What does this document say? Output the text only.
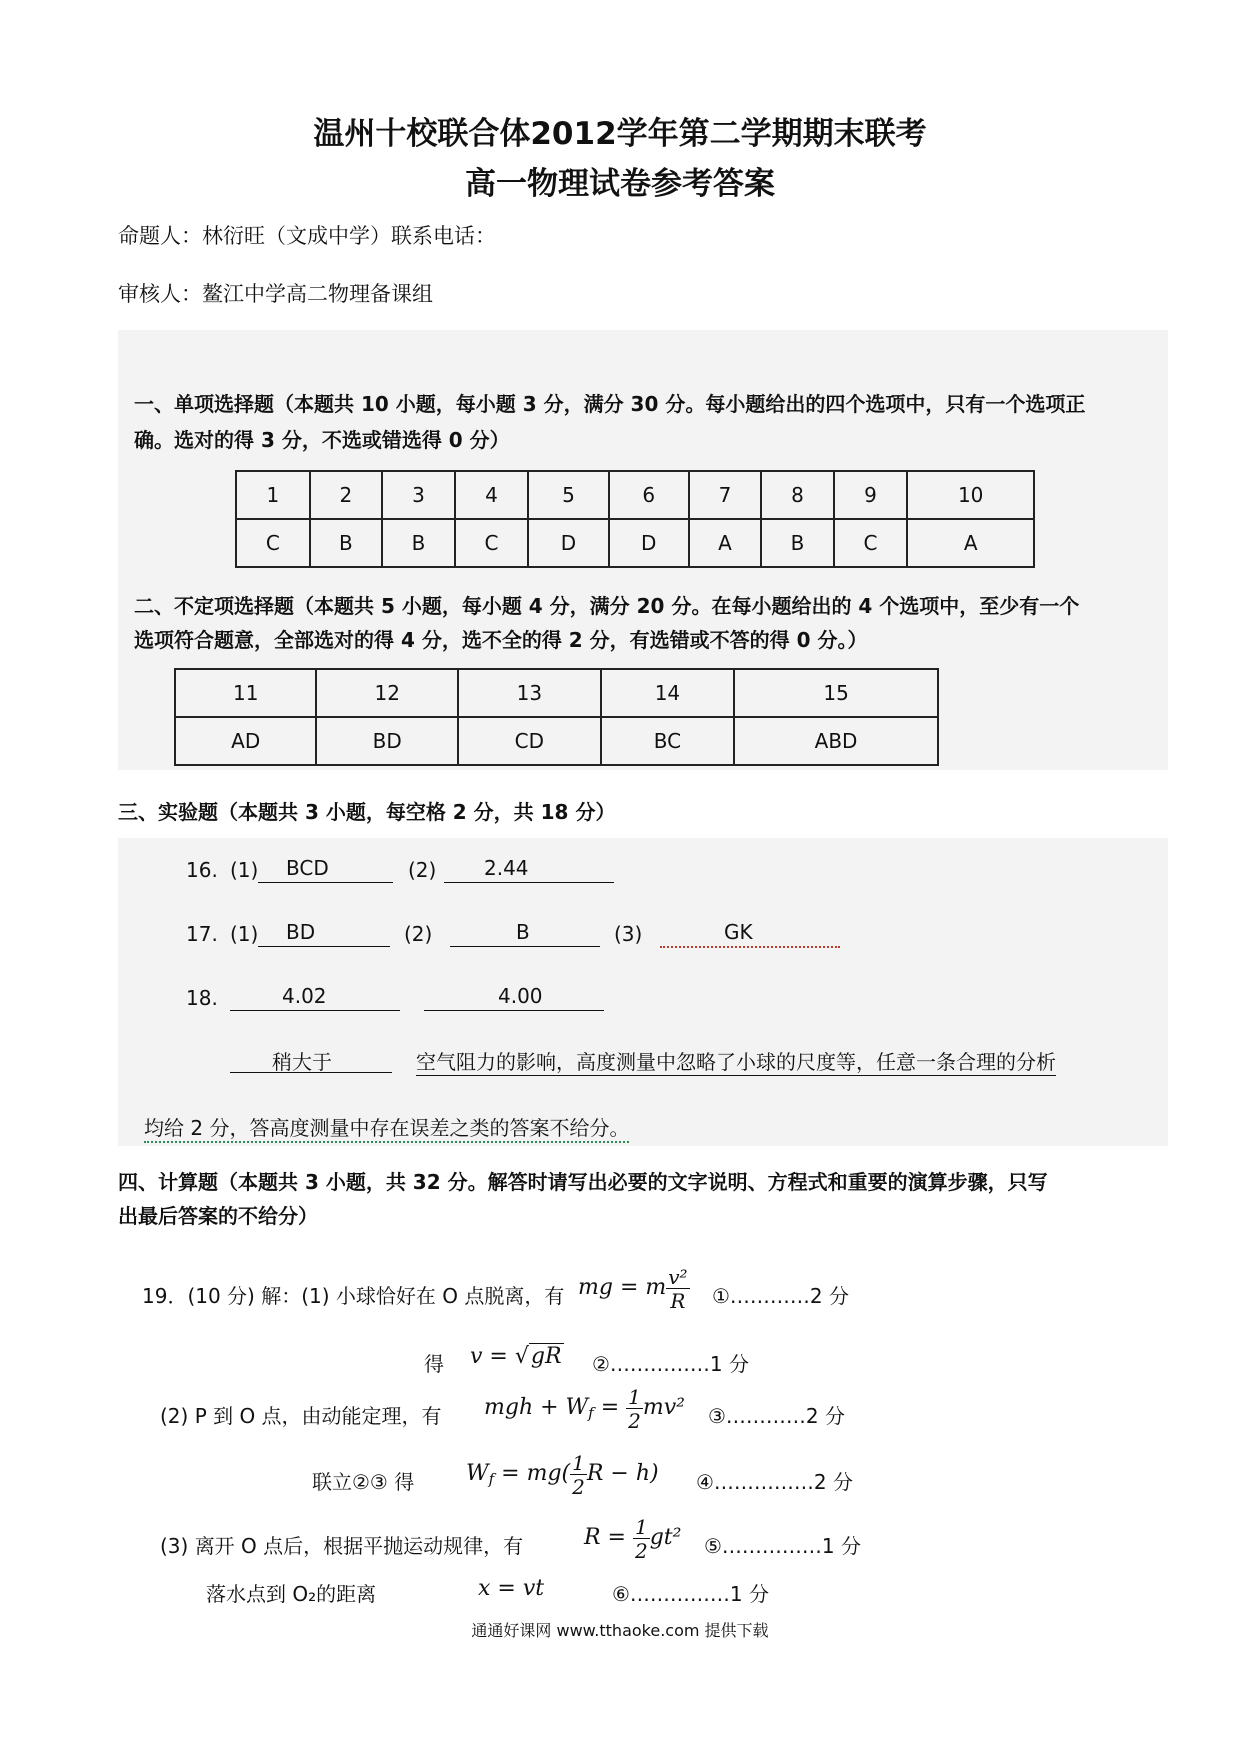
温州十校联合体2012学年第二学期期末联考
高一物理试卷参考答案
命题人：林衍旺（文成中学）联系电话：
审核人：鳌江中学高二物理备课组
一、单项选择题（本题共 10 小题，每小题 3 分，满分 30 分。每小题给出的四个选项中，只有一个选项正
确。选对的得 3 分，不选或错选得 0 分）
1	2	3	4	5	6	7	8	9	10
C	B	B	C	D	D	A	B	C	A
二、不定项选择题（本题共 5 小题，每小题 4 分，满分 20 分。在每小题给出的 4 个选项中，至少有一个
选项符合题意，全部选对的得 4 分，选不全的得 2 分，有选错或不答的得 0 分。）
11	12	13	14	15
AD	BD	CD	BC	ABD
三、实验题（本题共 3 小题，每空格 2 分，共 18 分）
16. (1) BCD	(2) 2.44
17. (1) BD	(2)	B	(3)	GK
18.	4.02	4.00
稍大于	空气阻力的影响，高度测量中忽略了小球的尺度等，任意一条合理的分析
均给 2 分，答高度测量中存在误差之类的答案不给分。
四、计算题（本题共 3 小题，共 32 分。解答时请写出必要的文字说明、方程式和重要的演算步骤，只写
出最后答案的不给分）
19．(10 分) 解：(1) 小球恰好在 O 点脱离，有 mg = m $\frac{\text{v²}}{R}$ ①…………2 分
得 v = √gR ②……………1 分
(2) P 到 O 点，由动能定理，有 mgh + $W_f = \frac{1}{2} mv^2$ ③…………2 分
联立②③ 得 $W_f = mg( \frac{1}{2}$ R − h) ④……………2 分
(3) 离开 O 点后，根据平抛运动规律，有	$R = \frac{1}{2} gt^2$ ⑤……………1 分
落水点到 O₂的距离	x = vt	⑥……………1 分
通通好课网 www.tthaoke.com 提供下载
